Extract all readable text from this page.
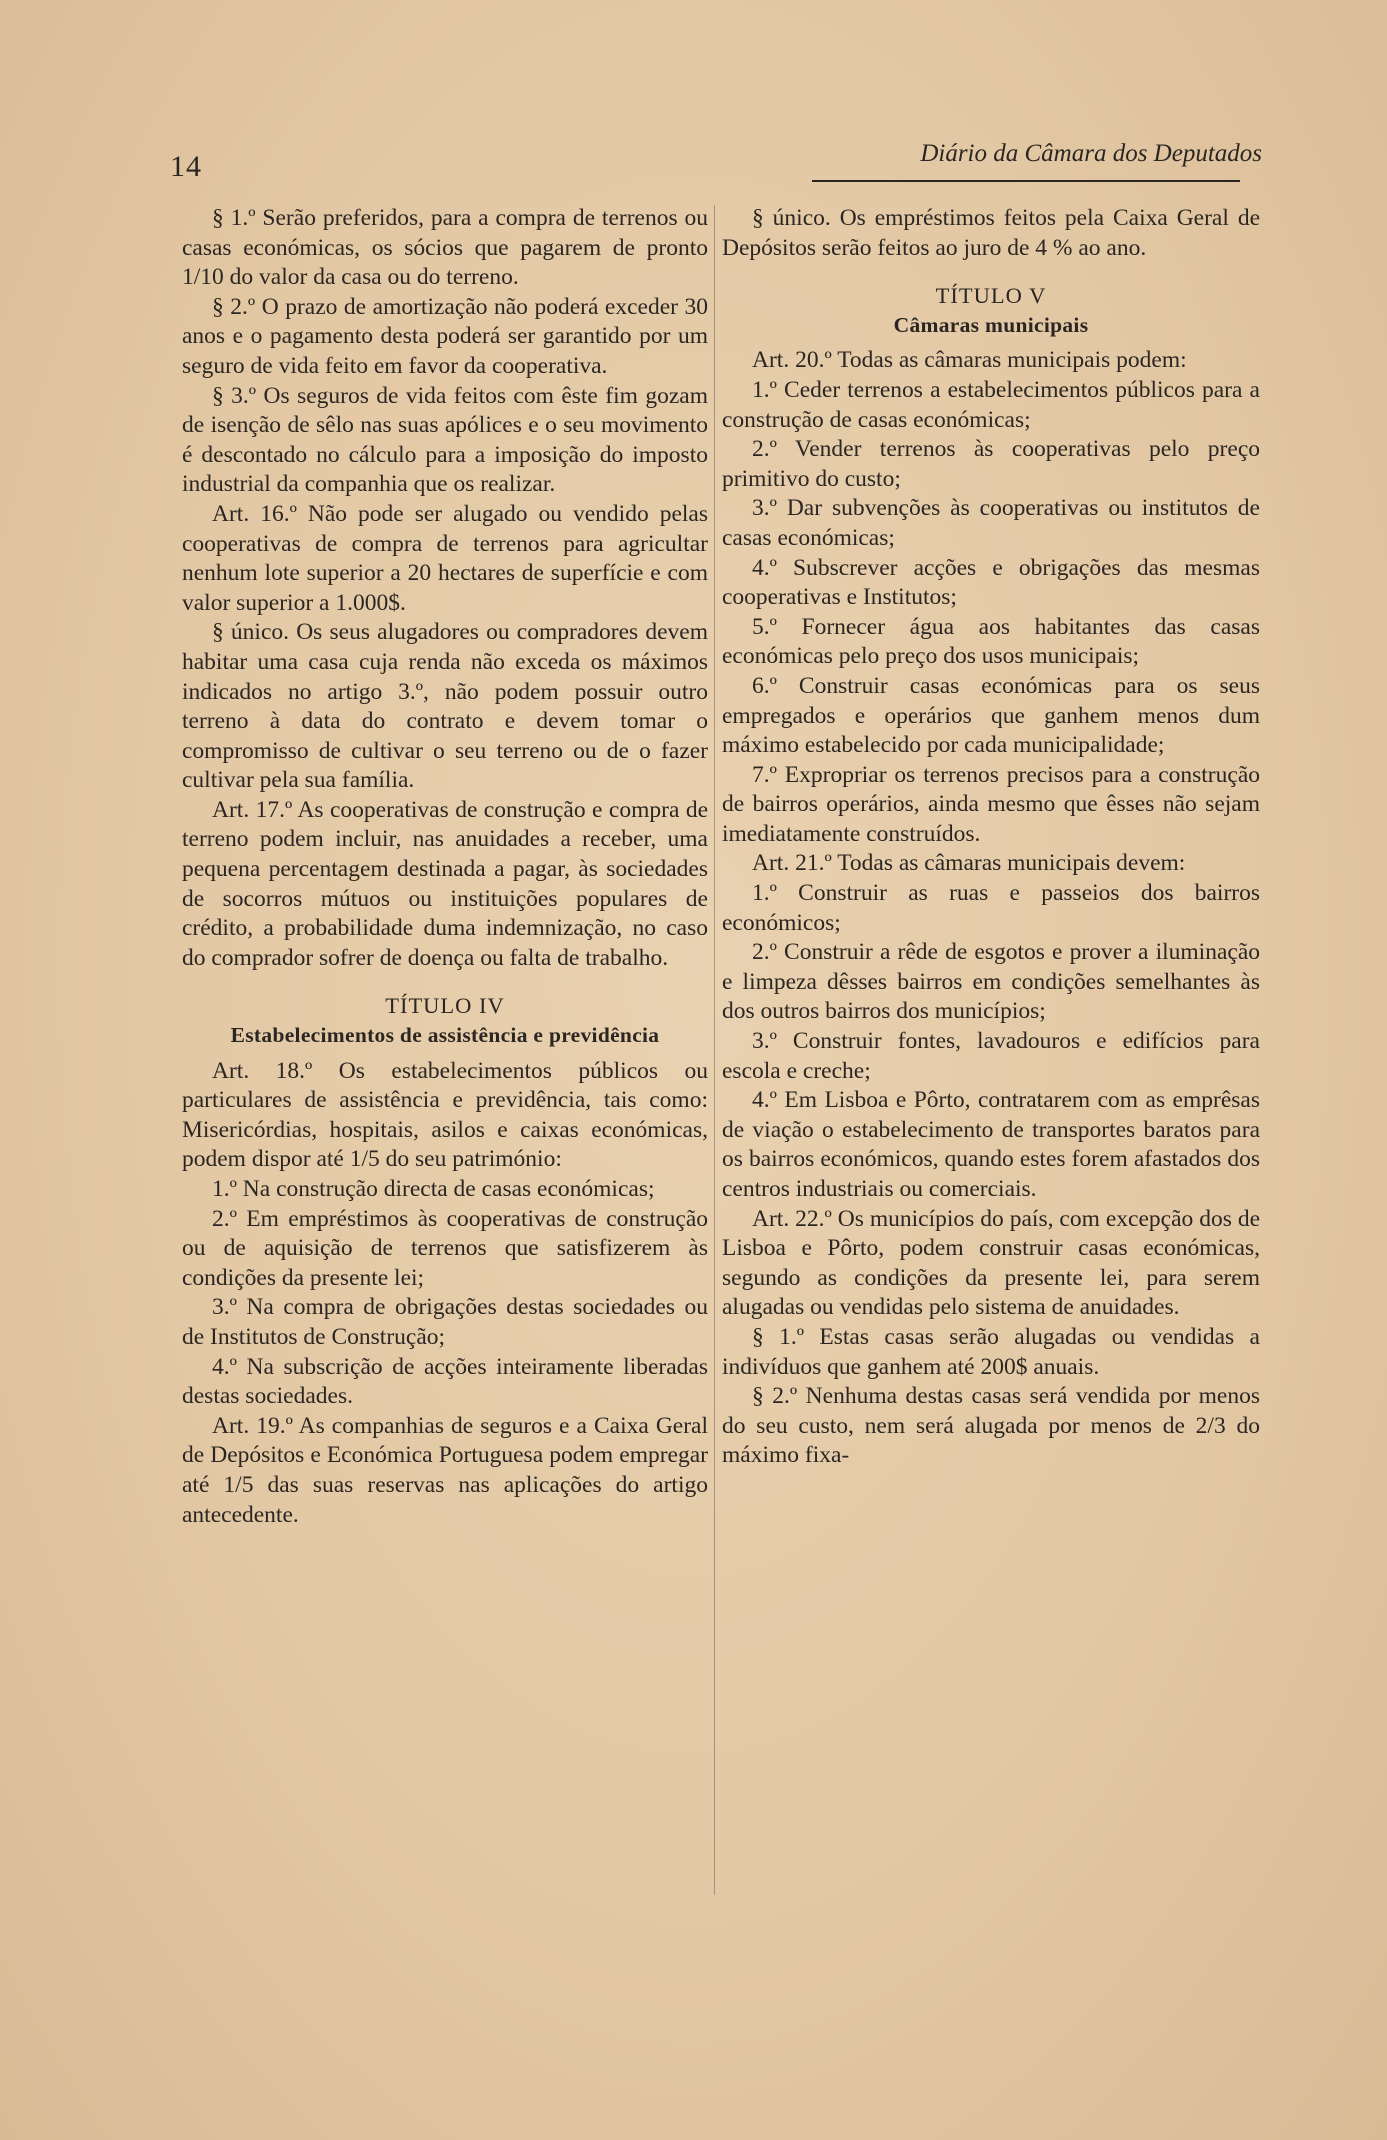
14	Diário da Câmara dos Deputados

§ 1.º Serão preferidos, para a compra de terrenos ou casas económicas, os sócios que pagarem de pronto 1/10 do valor da casa ou do terreno.

§ 2.º O prazo de amortização não poderá exceder 30 anos e o pagamento desta poderá ser garantido por um seguro de vida feito em favor da cooperativa.

§ 3.º Os seguros de vida feitos com êste fim gozam de isenção de sêlo nas suas apólices e o seu movimento é descontado no cálculo para a imposição do imposto industrial da companhia que os realizar.

Art. 16.º Não pode ser alugado ou vendido pelas cooperativas de compra de terrenos para agricultar nenhum lote superior a 20 hectares de superfície e com valor superior a 1.000$.

§ único. Os seus alugadores ou compradores devem habitar uma casa cuja renda não exceda os máximos indicados no artigo 3.º, não podem possuir outro terreno à data do contrato e devem tomar o compromisso de cultivar o seu terreno ou de o fazer cultivar pela sua família.

Art. 17.º As cooperativas de construção e compra de terreno podem incluir, nas anuidades a receber, uma pequena percentagem destinada a pagar, às sociedades de socorros mútuos ou instituições populares de crédito, a probabilidade duma indemnização, no caso do comprador sofrer de doença ou falta de trabalho.

TÍTULO IV

Estabelecimentos de assistência e previdência

Art. 18.º Os estabelecimentos públicos ou particulares de assistência e previdência, tais como: Misericórdias, hospitais, asilos e caixas económicas, podem dispor até 1/5 do seu património:

1.º Na construção directa de casas económicas;

2.º Em empréstimos às cooperativas de construção ou de aquisição de terrenos que satisfizerem às condições da presente lei;

3.º Na compra de obrigações destas sociedades ou de Institutos de Construção;

4.º Na subscrição de acções inteiramente liberadas destas sociedades.

Art. 19.º As companhias de seguros e a Caixa Geral de Depósitos e Económica Portuguesa podem empregar até 1/5 das suas reservas nas aplicações do artigo antecedente.

§ único. Os empréstimos feitos pela Caixa Geral de Depósitos serão feitos ao juro de 4 % ao ano.

TÍTULO V

Câmaras municipais

Art. 20.º Todas as câmaras municipais podem:

1.º Ceder terrenos a estabelecimentos públicos para a construção de casas económicas;

2.º Vender terrenos às cooperativas pelo preço primitivo do custo;

3.º Dar subvenções às cooperativas ou institutos de casas económicas;

4.º Subscrever acções e obrigações das mesmas cooperativas e Institutos;

5.º Fornecer água aos habitantes das casas económicas pelo preço dos usos municipais;

6.º Construir casas económicas para os seus empregados e operários que ganhem menos dum máximo estabelecido por cada municipalidade;

7.º Expropriar os terrenos precisos para a construção de bairros operários, ainda mesmo que êsses não sejam imediatamente construídos.

Art. 21.º Todas as câmaras municipais devem:

1.º Construir as ruas e passeios dos bairros económicos;

2.º Construir a rêde de esgotos e prover a iluminação e limpeza dêsses bairros em condições semelhantes às dos outros bairros dos municípios;

3.º Construir fontes, lavadouros e edifícios para escola e creche;

4.º Em Lisboa e Pôrto, contratarem com as emprêsas de viação o estabelecimento de transportes baratos para os bairros económicos, quando estes forem afastados dos centros industriais ou comerciais.

Art. 22.º Os municípios do país, com excepção dos de Lisboa e Pôrto, podem construir casas económicas, segundo as condições da presente lei, para serem alugadas ou vendidas pelo sistema de anuidades.

§ 1.º Estas casas serão alugadas ou vendidas a indivíduos que ganhem até 200$ anuais.

§ 2.º Nenhuma destas casas será vendida por menos do seu custo, nem será alugada por menos de 2/3 do máximo fixa-
